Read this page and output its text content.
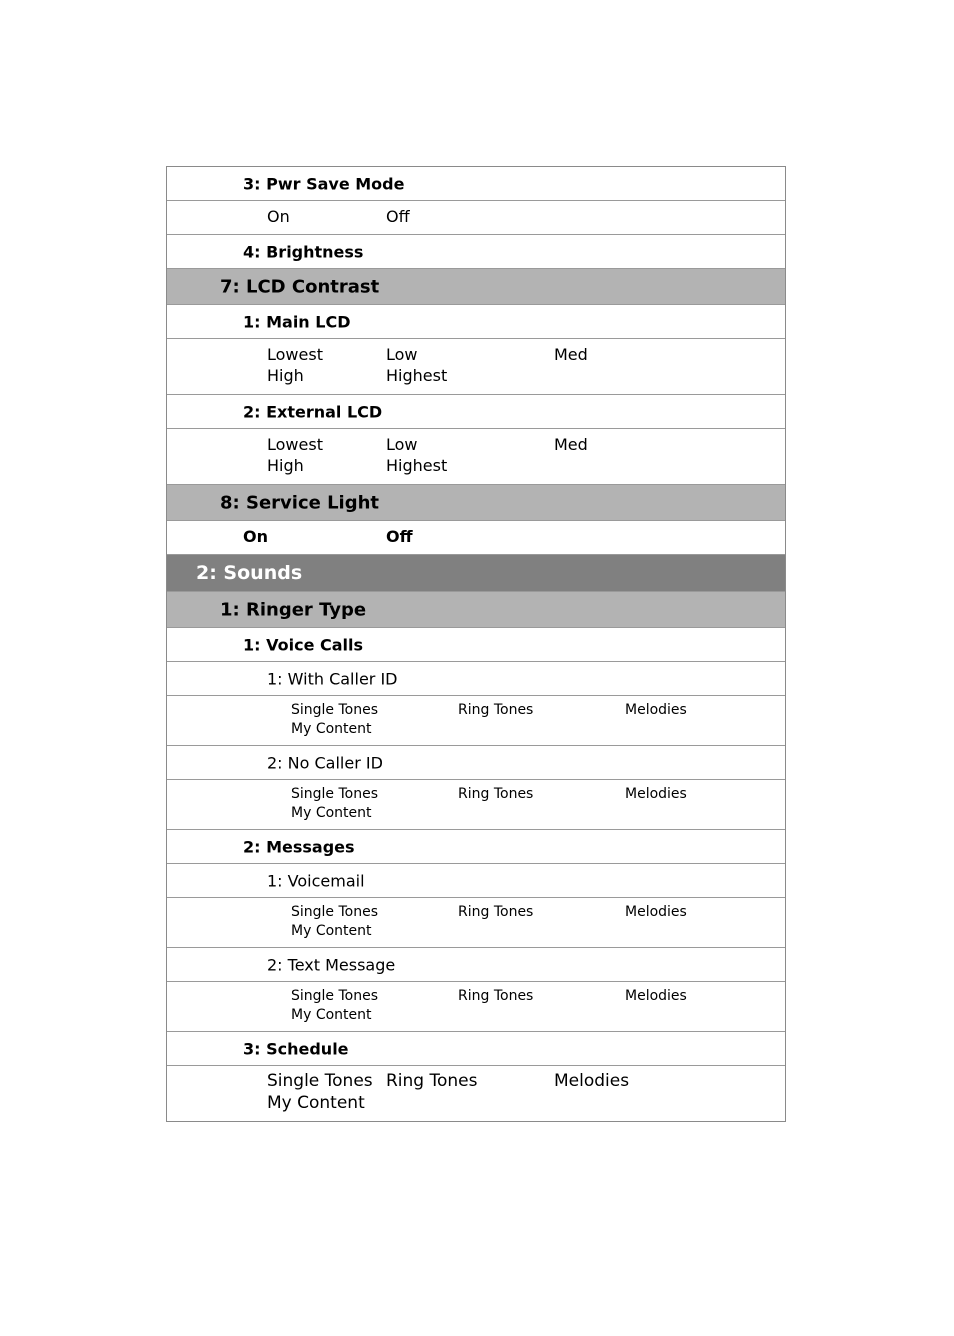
3: Pwr Save Mode
On	Off
4: Brightness
7: LCD Contrast
1: Main LCD
Lowest	Low	Med
High	Highest
2: External LCD
Lowest	Low	Med
High	Highest
8: Service Light
On	Off
2: Sounds
1: Ringer Type
1: Voice Calls
1: With Caller ID
Single Tones	Ring Tones	Melodies
My Content
2: No Caller ID
Single Tones	Ring Tones	Melodies
My Content
2: Messages
1: Voicemail
Single Tones	Ring Tones	Melodies
My Content
2: Text Message
Single Tones	Ring Tones	Melodies
My Content
3: Schedule
Single Tones Ring Tones	Melodies
My Content
